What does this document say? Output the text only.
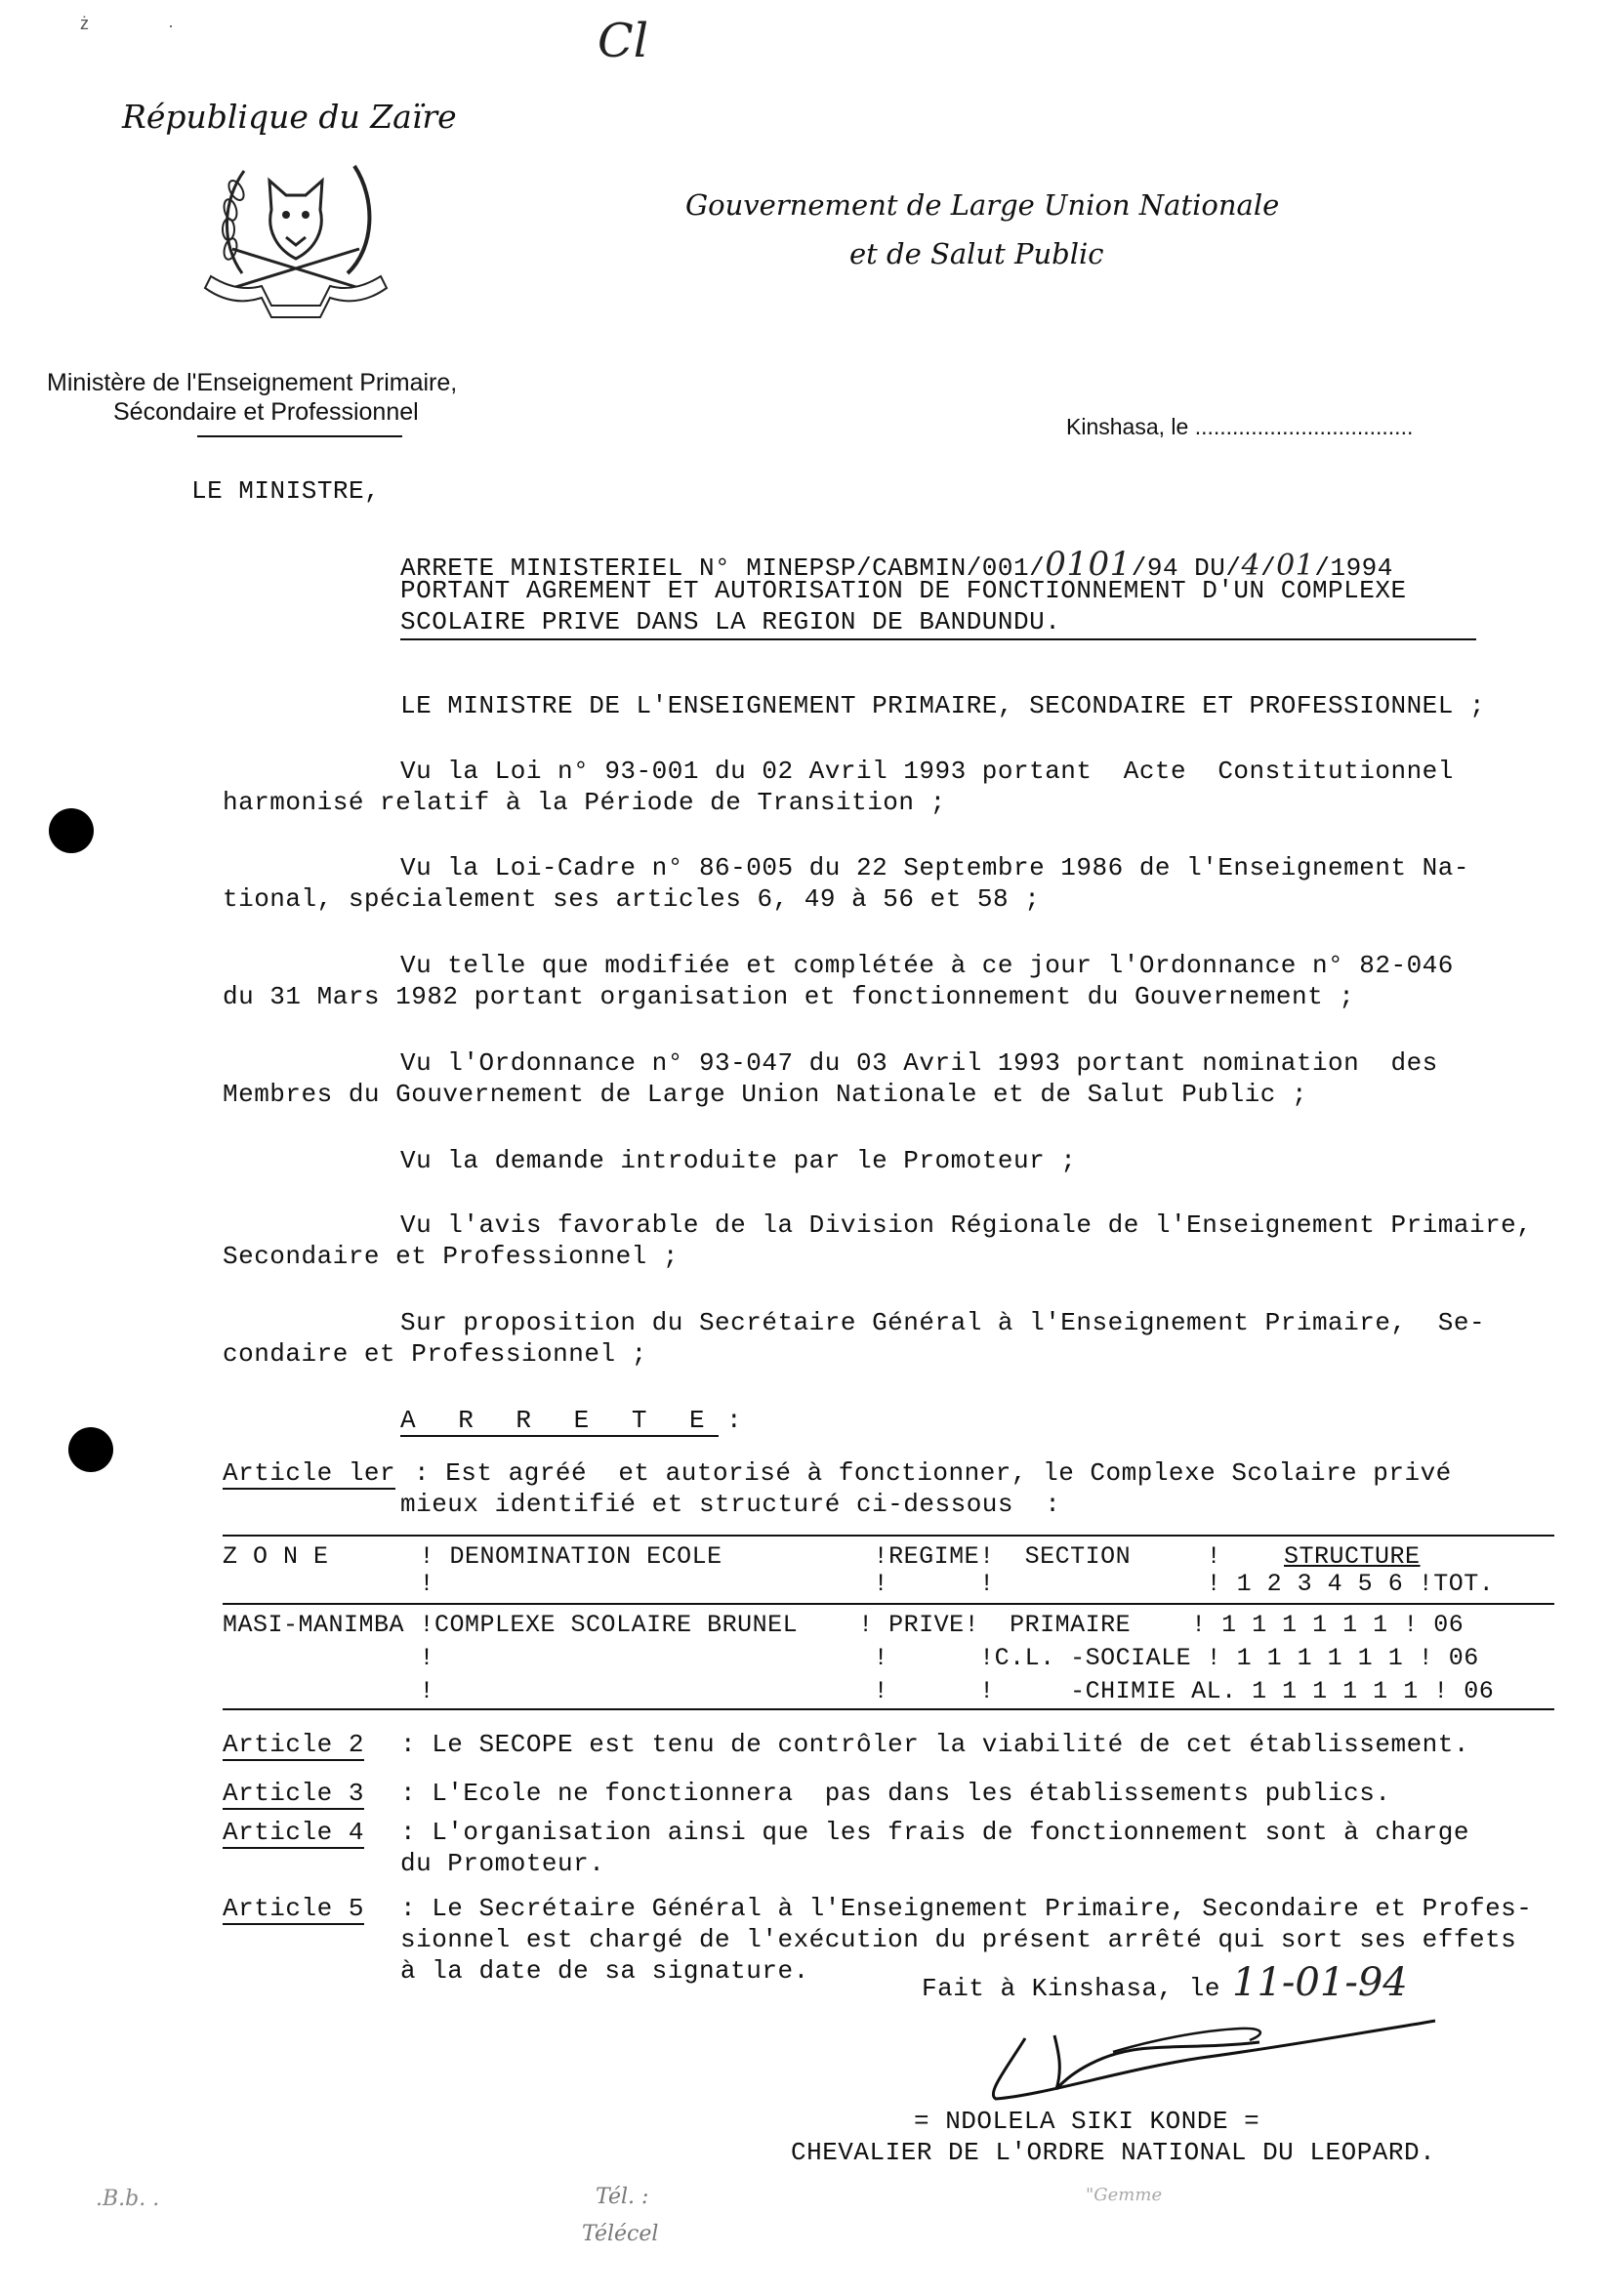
ż	·	Cl
République du Zaïre
Ministère de l'Enseignement Primaire,
Sécondaire et Professionnel
Gouvernement de Large Union Nationale
et de Salut Public
Kinshasa, le ...................................
LE MINISTRE,
ARRETE MINISTERIEL N° MINEPSP/CABMIN/001/0101/94 DU/4/01/1994
PORTANT AGREMENT ET AUTORISATION DE FONCTIONNEMENT D'UN COMPLEXE
SCOLAIRE PRIVE DANS LA REGION DE BANDUNDU.
LE MINISTRE DE L'ENSEIGNEMENT PRIMAIRE, SECONDAIRE ET PROFESSIONNEL ;
Vu la Loi n° 93-001 du 02 Avril 1993 portant  Acte  Constitutionnel
harmonisé relatif à la Période de Transition ;
Vu la Loi-Cadre n° 86-005 du 22 Septembre 1986 de l'Enseignement Na-
tional, spécialement ses articles 6, 49 à 56 et 58 ;
Vu telle que modifiée et complétée à ce jour l'Ordonnance n° 82-046
du 31 Mars 1982 portant organisation et fonctionnement du Gouvernement ;
Vu l'Ordonnance n° 93-047 du 03 Avril 1993 portant nomination  des
Membres du Gouvernement de Large Union Nationale et de Salut Public ;
Vu la demande introduite par le Promoteur ;
Vu l'avis favorable de la Division Régionale de l'Enseignement Primaire,
Secondaire et Professionnel ;
Sur proposition du Secrétaire Général à l'Enseignement Primaire,  Se-
condaire et Professionnel ;
A R R E T E :
Article ler : Est agréé  et autorisé à fonctionner, le Complexe Scolaire privé
mieux identifié et structuré ci-dessous  :
Z O N E      ! DENOMINATION ECOLE          !REGIME!  SECTION     !	STRUCTURE
!                             !      !              ! 1 2 3 4 5 6 !TOT.
MASI-MANIMBA !COMPLEXE SCOLAIRE BRUNEL    ! PRIVE!  PRIMAIRE    ! 1 1 1 1 1 1 ! 06
!                             !      !C.L. -SOCIALE ! 1 1 1 1 1 1 ! 06
!                             !      !     -CHIMIE AL. 1 1 1 1 1 1 ! 06
Article 2 : Le SECOPE est tenu de contrôler la viabilité de cet établissement.
Article 3 : L'Ecole ne fonctionnera  pas dans les établissements publics.
Article 4 : L'organisation ainsi que les frais de fonctionnement sont à charge
du Promoteur.
Article 5 : Le Secrétaire Général à l'Enseignement Primaire, Secondaire et Profes-
sionnel est chargé de l'exécution du présent arrêté qui sort ses effets
à la date de sa signature.
Fait à Kinshasa, le 11-01-94
= NDOLELA SIKI KONDE =
CHEVALIER DE L'ORDRE NATIONAL DU LEOPARD.
.B.b. .	Tél. :
Télécel
"Gemme
